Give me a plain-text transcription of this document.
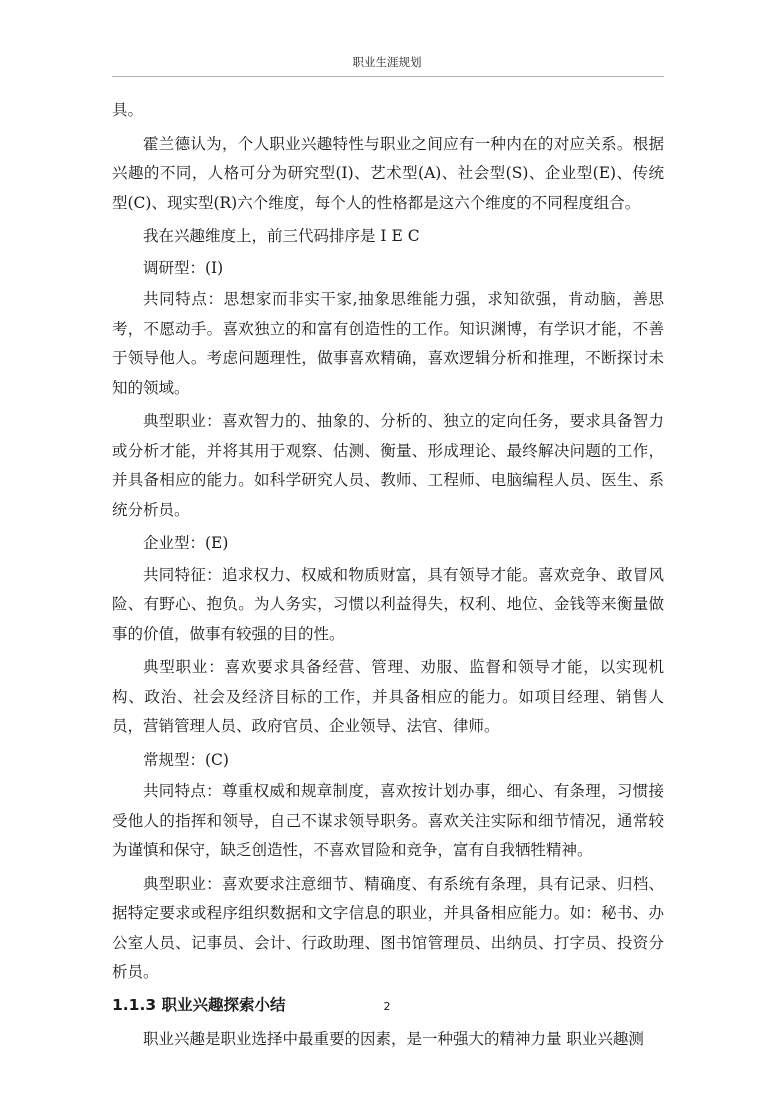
职业生涯规划

具。

霍兰德认为，个人职业兴趣特性与职业之间应有一种内在的对应关系。根据兴趣的不同，人格可分为研究型(I)、艺术型(A)、社会型(S)、企业型(E)、传统型(C)、现实型(R)六个维度，每个人的性格都是这六个维度的不同程度组合。

我在兴趣维度上，前三代码排序是 I E C

调研型：(I)

共同特点：思想家而非实干家,抽象思维能力强，求知欲强，肯动脑，善思考，不愿动手。喜欢独立的和富有创造性的工作。知识渊博，有学识才能，不善于领导他人。考虑问题理性，做事喜欢精确，喜欢逻辑分析和推理，不断探讨未知的领域。

典型职业：喜欢智力的、抽象的、分析的、独立的定向任务，要求具备智力或分析才能，并将其用于观察、估测、衡量、形成理论、最终解决问题的工作，并具备相应的能力。如科学研究人员、教师、工程师、电脑编程人员、医生、系统分析员。

企业型：(E)

共同特征：追求权力、权威和物质财富，具有领导才能。喜欢竞争、敢冒风险、有野心、抱负。为人务实，习惯以利益得失，权利、地位、金钱等来衡量做事的价值，做事有较强的目的性。

典型职业：喜欢要求具备经营、管理、劝服、监督和领导才能，以实现机构、政治、社会及经济目标的工作，并具备相应的能力。如项目经理、销售人员，营销管理人员、政府官员、企业领导、法官、律师。

常规型：(C)

共同特点：尊重权威和规章制度，喜欢按计划办事，细心、有条理，习惯接受他人的指挥和领导，自己不谋求领导职务。喜欢关注实际和细节情况，通常较为谨慎和保守，缺乏创造性，不喜欢冒险和竞争，富有自我牺牲精神。

典型职业：喜欢要求注意细节、精确度、有系统有条理，具有记录、归档、据特定要求或程序组织数据和文字信息的职业，并具备相应能力。如：秘书、办公室人员、记事员、会计、行政助理、图书馆管理员、出纳员、打字员、投资分析员。

1.1.3 职业兴趣探索小结

职业兴趣是职业选择中最重要的因素，是一种强大的精神力量 职业兴趣测

2
